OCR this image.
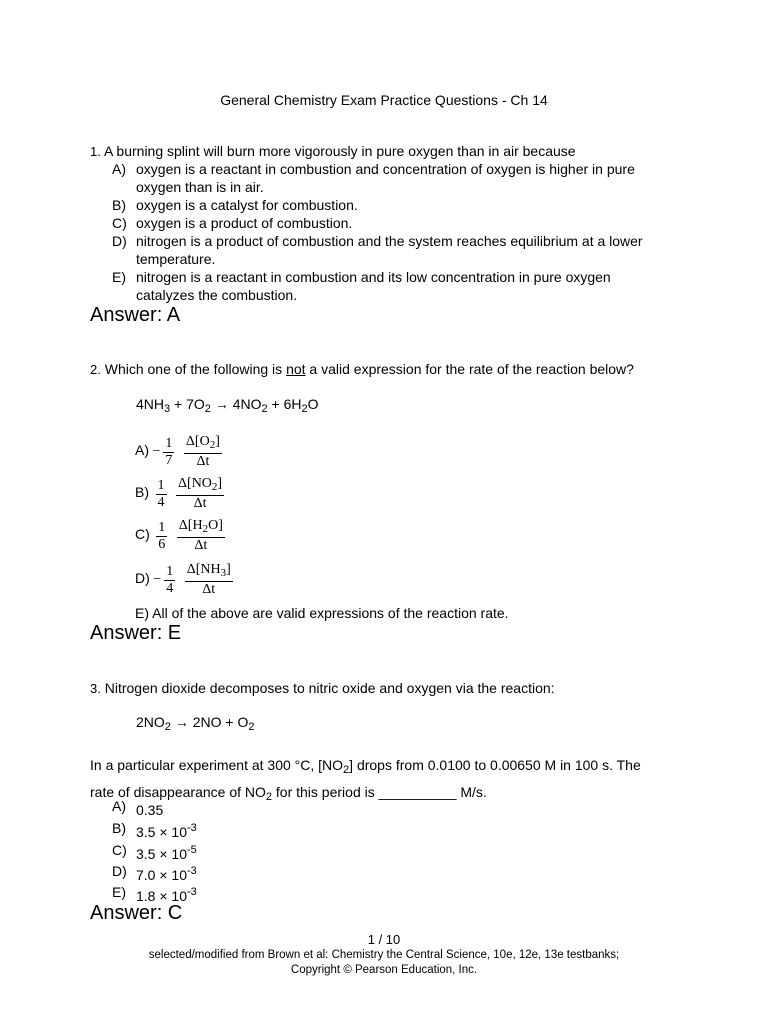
General Chemistry Exam Practice Questions - Ch 14
1. A burning splint will burn more vigorously in pure oxygen than in air because
A) oxygen is a reactant in combustion and concentration of oxygen is higher in pure
oxygen than is in air.
B) oxygen is a catalyst for combustion.
C) oxygen is a product of combustion.
D) nitrogen is a product of combustion and the system reaches equilibrium at a lower
temperature.
E) nitrogen is a reactant in combustion and its low concentration in pure oxygen
catalyzes the combustion.
Answer: A
2. Which one of the following is not a valid expression for the rate of the reaction below?
$4NH_3 + 7O_2 \to 4NO_2 + 6H_2O$
$A) - \frac{1}{7}$
$\frac{\Delta[O_2]}{\Delta t}$
$B) \frac{1}{4}$
$\frac{\Delta[NO_2]}{\Delta t}$
$C) \frac{1}{6}$
$\frac{\Delta[H_2O]}{\Delta t}$
$D) - \frac{1}{4}$
$\frac{\Delta[NH_3]}{\Delta t}$
E) All of the above are valid expressions of the reaction rate.
Answer: E
3. Nitrogen dioxide decomposes to nitric oxide and oxygen via the reaction:
$2NO_2 \to 2NO + O_2$
In a particular experiment at 300 °C, $[NO_2]$ drops from 0.0100 to 0.00650 M in 100 s. The
rate of disappearance of $NO_2$ for this period is __________ M/s.
A) 0.35
B) $3.5 \times 10^{-3}$
C) $3.5 \times 10^{-5}$
D) $7.0 \times 10^{-3}$
E) $1.8 \times 10^{-3}$
Answer: C
1 / 10
selected/modified from Brown et al: Chemistry the Central Science, 10e, 12e, 13e testbanks;
Copyright © Pearson Education, Inc.
